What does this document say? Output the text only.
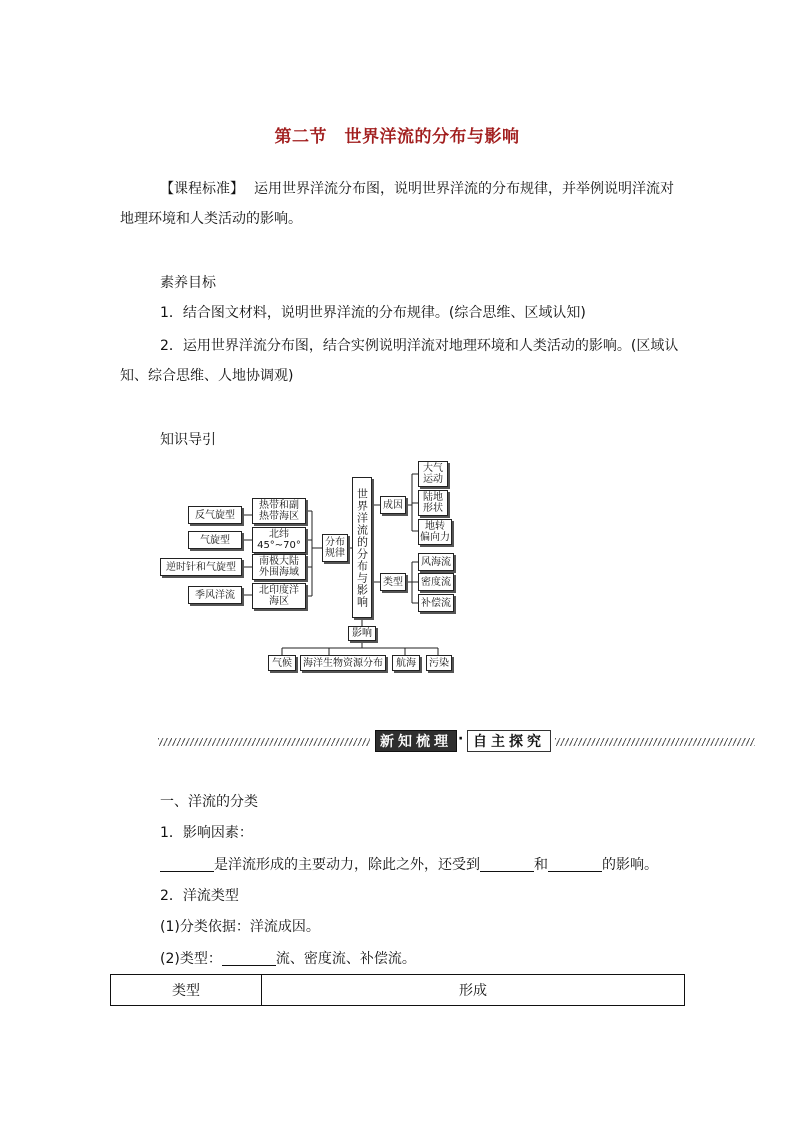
第二节　世界洋流的分布与影响
【课程标准】 运用世界洋流分布图，说明世界洋流的分布规律，并举例说明洋流对
地理环境和人类活动的影响。
素养目标
1．结合图文材料，说明世界洋流的分布规律。(综合思维、区域认知)
2．运用世界洋流分布图，结合实例说明洋流对地理环境和人类活动的影响。(区域认
知、综合思维、人地协调观)
知识导引
反气旋型
气旋型
逆时针和气旋型
季风洋流
热带和副
热带海区
北纬
45°~70°
南极大陆
外围海域
北印度洋
海区
分布
规律 世界洋流的分布与影响	成因
大气
运动
陆地
形状
地转
偏向力
类型
风海流
密度流
补偿流
影响
气候	海洋生物资源分布	航海	污染
新知梳理 · 自主探究
一、洋流的分类
1．影响因素：
是洋流形成的主要动力，除此之外，还受到	和	的影响。
2．洋流类型
(1)分类依据：洋流成因。
(2)类型：	流、密度流、补偿流。
类型	形成
